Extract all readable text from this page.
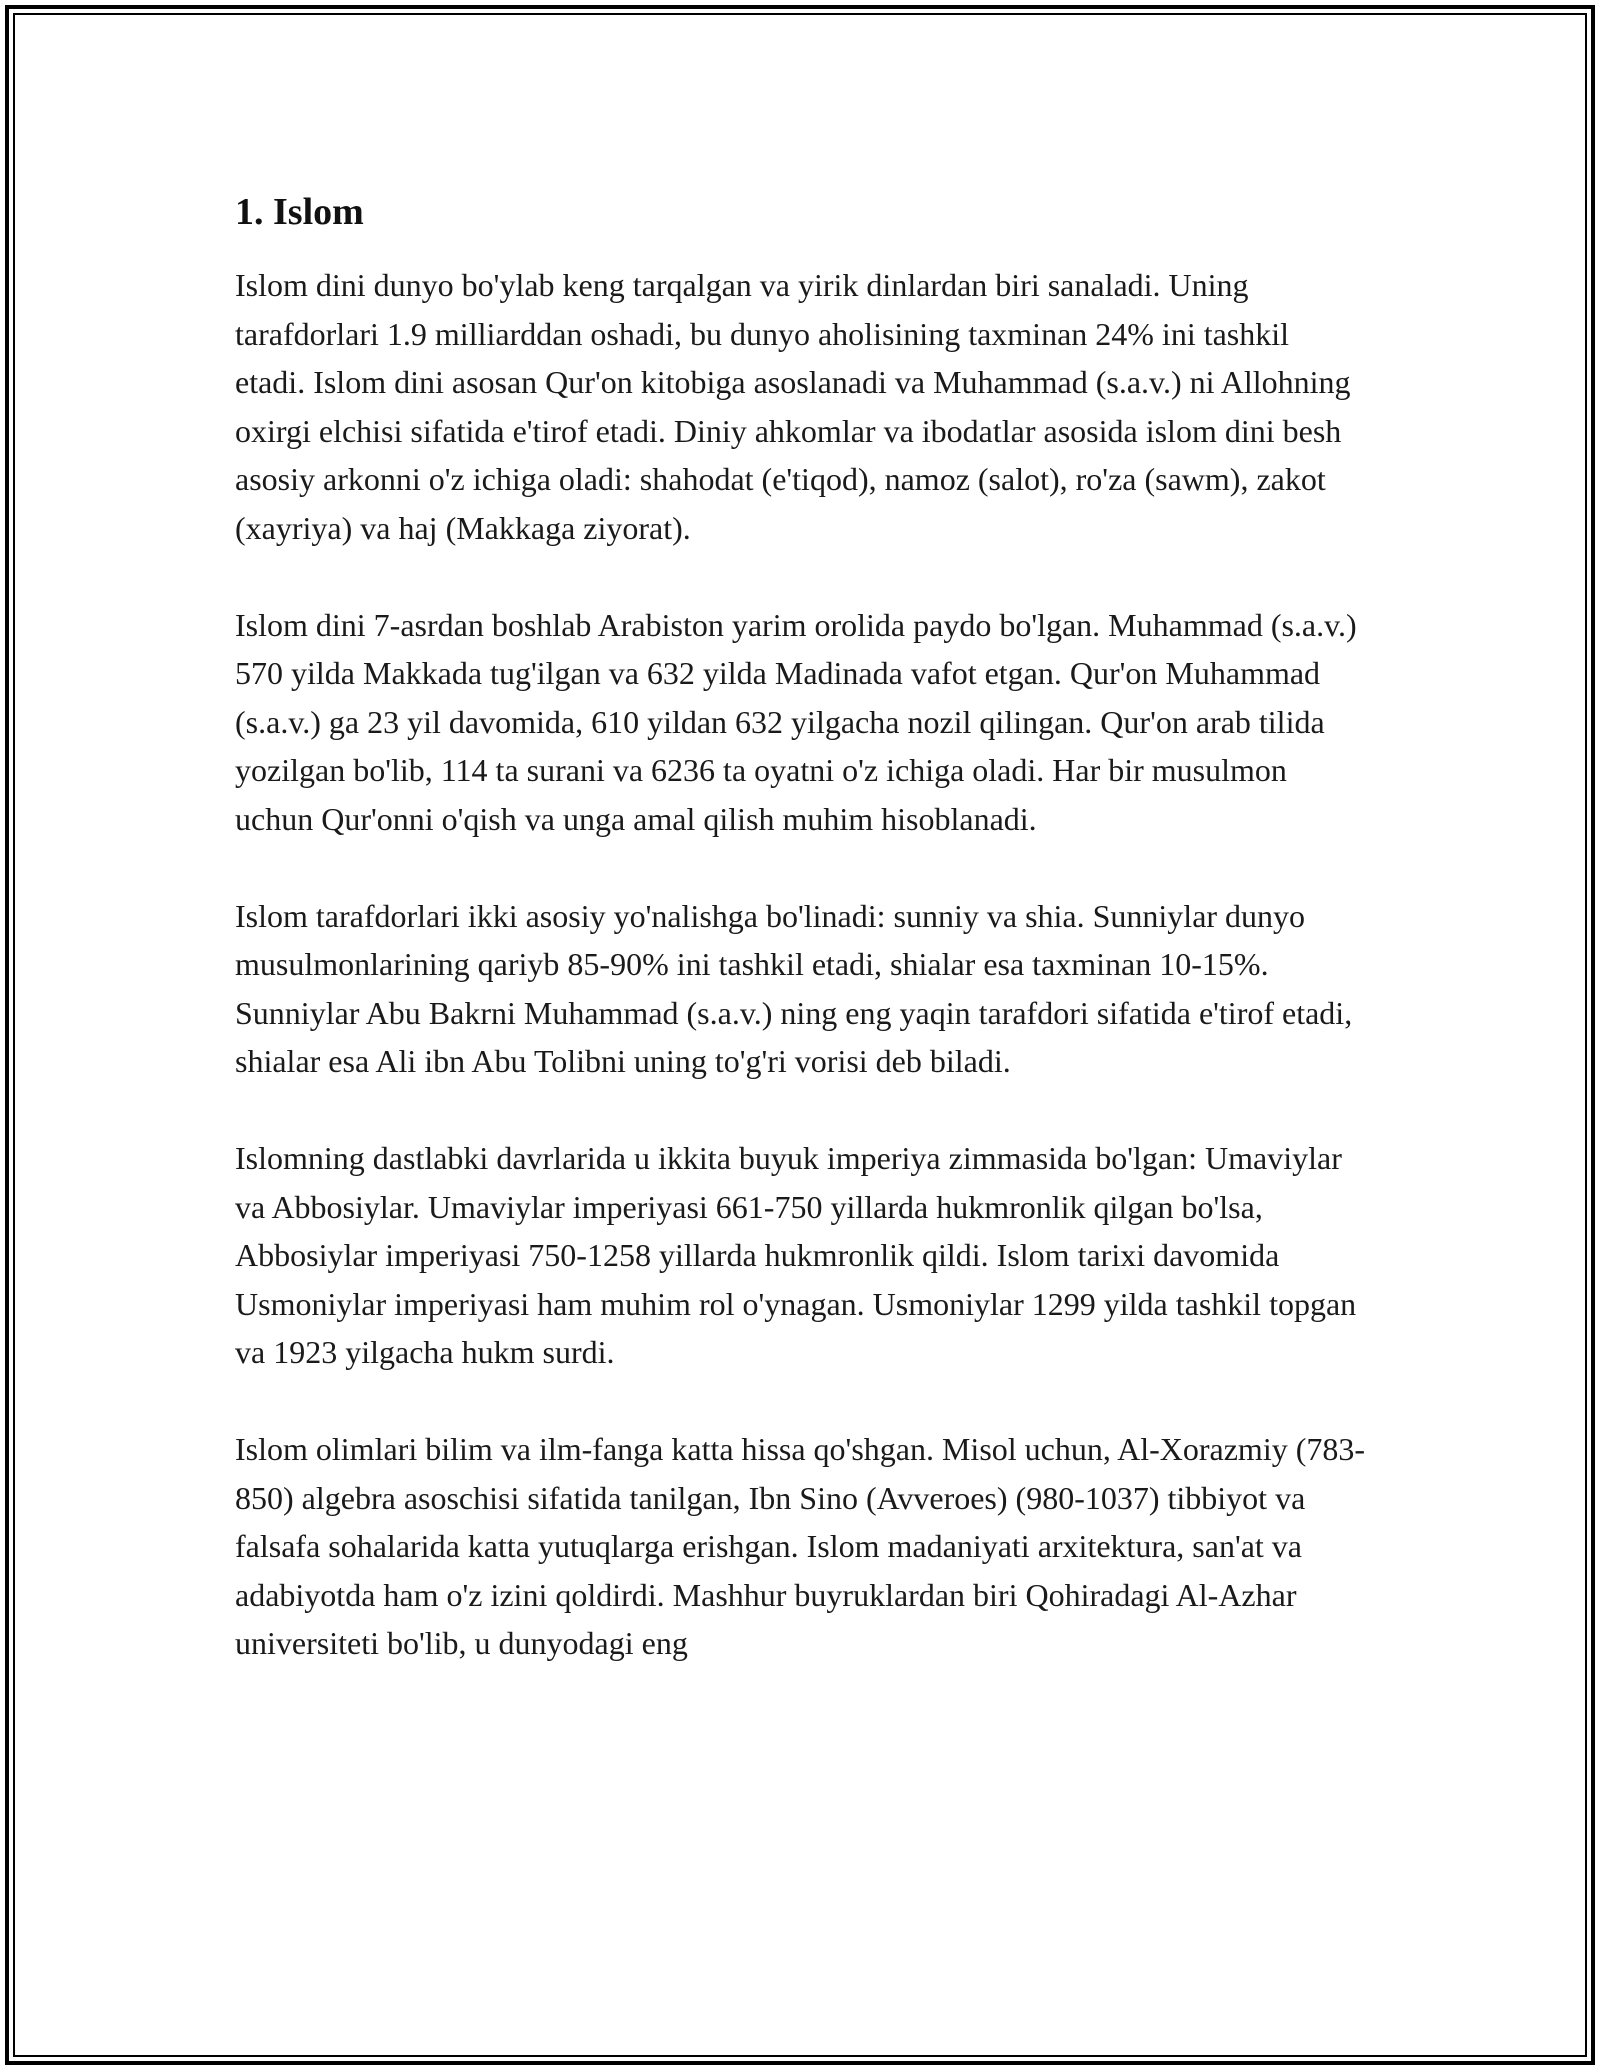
1. Islom

Islom dini dunyo bo'ylab keng tarqalgan va yirik dinlardan biri sanaladi. Uning tarafdorlari 1.9 milliarddan oshadi, bu dunyo aholisining taxminan 24% ini tashkil etadi. Islom dini asosan Qur'on kitobiga asoslanadi va Muhammad (s.a.v.) ni Allohning oxirgi elchisi sifatida e'tirof etadi. Diniy ahkomlar va ibodatlar asosida islom dini besh asosiy arkonni o'z ichiga oladi: shahodat (e'tiqod), namoz (salot), ro'za (sawm), zakot (xayriya) va haj (Makkaga ziyorat).

Islom dini 7-asrdan boshlab Arabiston yarim orolida paydo bo'lgan. Muhammad (s.a.v.) 570 yilda Makkada tug'ilgan va 632 yilda Madinada vafot etgan. Qur'on Muhammad (s.a.v.) ga 23 yil davomida, 610 yildan 632 yilgacha nozil qilingan. Qur'on arab tilida yozilgan bo'lib, 114 ta surani va 6236 ta oyatni o'z ichiga oladi. Har bir musulmon uchun Qur'onni o'qish va unga amal qilish muhim hisoblanadi.

Islom tarafdorlari ikki asosiy yo'nalishga bo'linadi: sunniy va shia. Sunniylar dunyo musulmonlarining qariyb 85-90% ini tashkil etadi, shialar esa taxminan 10-15%. Sunniylar Abu Bakrni Muhammad (s.a.v.) ning eng yaqin tarafdori sifatida e'tirof etadi, shialar esa Ali ibn Abu Tolibni uning to'g'ri vorisi deb biladi.

Islomning dastlabki davrlarida u ikkita buyuk imperiya zimmasida bo'lgan: Umaviylar va Abbosiylar. Umaviylar imperiyasi 661-750 yillarda hukmronlik qilgan bo'lsa, Abbosiylar imperiyasi 750-1258 yillarda hukmronlik qildi. Islom tarixi davomida Usmoniylar imperiyasi ham muhim rol o'ynagan. Usmoniylar 1299 yilda tashkil topgan va 1923 yilgacha hukm surdi.

Islom olimlari bilim va ilm-fanga katta hissa qo'shgan. Misol uchun, Al-Xorazmiy (783-850) algebra asoschisi sifatida tanilgan, Ibn Sino (Avveroes) (980-1037) tibbiyot va falsafa sohalarida katta yutuqlarga erishgan. Islom madaniyati arxitektura, san'at va adabiyotda ham o'z izini qoldirdi. Mashhur buyruklardan biri Qohiradagi Al-Azhar universiteti bo'lib, u dunyodagi eng
